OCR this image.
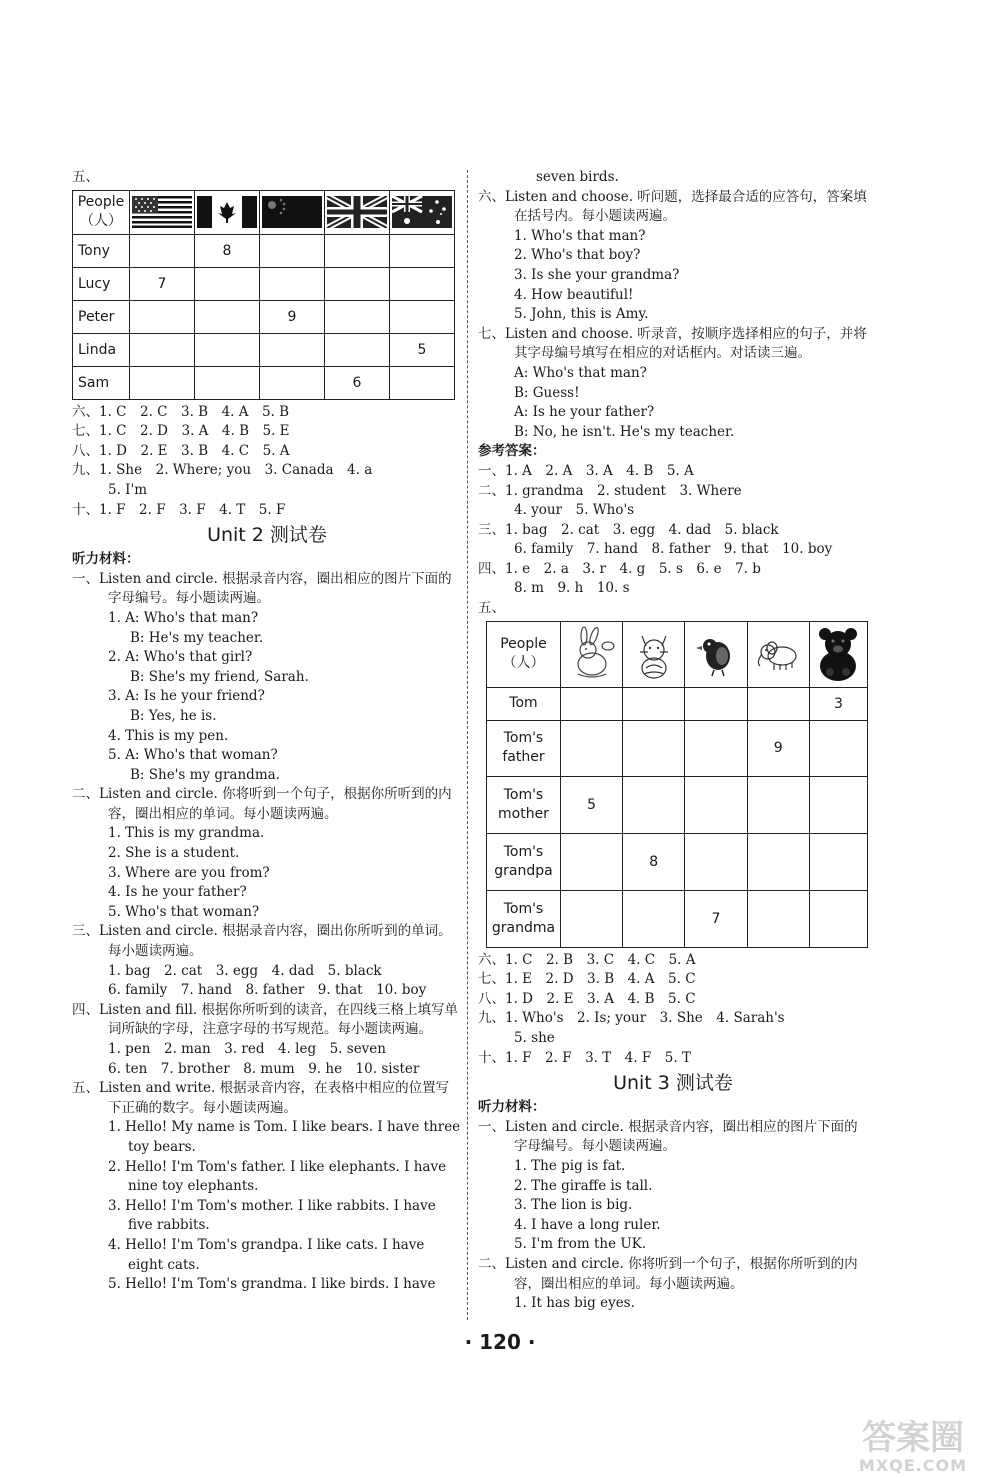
五、
People
（人）	

Tony		8			
Lucy	7				
Peter			9		
Linda					5
Sam				6	
六、1. C　2. C　3. B　4. A　5. B
七、1. C　2. D　3. A　4. B　5. E
八、1. D　2. E　3. B　4. C　5. A
九、1. She　2. Where; you　3. Canada　4. a
5. I'm
十、1. F　2. F　3. F　4. T　5. F
Unit 2 测试卷
听力材料：
一、Listen and circle. 根据录音内容，圈出相应的图片下面的字母编号。每小题读两遍。
1. A: Who's that man?
B: He's my teacher.
2. A: Who's that girl?
B: She's my friend, Sarah.
3. A: Is he your friend?
B: Yes, he is.
4. This is my pen.
5. A: Who's that woman?
B: She's my grandma.
二、Listen and circle. 你将听到一个句子，根据你所听到的内容，圈出相应的单词。每小题读两遍。
1. This is my grandma.
2. She is a student.
3. Where are you from?
4. Is he your father?
5. Who's that woman?
三、Listen and circle. 根据录音内容，圈出你所听到的单词。每小题读两遍。
1. bag　2. cat　3. egg　4. dad　5. black
6. family　7. hand　8. father　9. that　10. boy
四、Listen and fill. 根据你所听到的读音，在四线三格上填写单词所缺的字母，注意字母的书写规范。每小题读两遍。
1. pen　2. man　3. red　4. leg　5. seven
6. ten　7. brother　8. mum　9. he　10. sister
五、Listen and write. 根据录音内容，在表格中相应的位置写下正确的数字。每小题读两遍。
1. Hello! My name is Tom. I like bears. I have three toy bears.
2. Hello! I'm Tom's father. I like elephants. I have nine toy elephants.
3. Hello! I'm Tom's mother. I like rabbits. I have five rabbits.
4. Hello! I'm Tom's grandpa. I like cats. I have eight cats.
5. Hello! I'm Tom's grandma. I like birds. I have
seven birds.
六、Listen and choose. 听问题，选择最合适的应答句，答案填在括号内。每小题读两遍。
1. Who's that man?
2. Who's that boy?
3. Is she your grandma?
4. How beautiful!
5. John, this is Amy.
七、Listen and choose. 听录音，按顺序选择相应的句子，并将其字母编号填写在相应的对话框内。对话读三遍。
A: Who's that man?
B: Guess!
A: Is he your father?
B: No, he isn't. He's my teacher.
参考答案：
一、1. A　2. A　3. A　4. B　5. A
二、1. grandma　2. student　3. Where
4. your　5. Who's
三、1. bag　2. cat　3. egg　4. dad　5. black
6. family　7. hand　8. father　9. that　10. boy
四、1. e　2. a　3. r　4. g　5. s　6. e　7. b
8. m　9. h　10. s
五、
People
（人）	

Tom					3
Tom's
father				9	
Tom's
mother	5				
Tom's
grandpa		8			
Tom's
grandma			7		
六、1. C　2. B　3. C　4. C　5. A
七、1. E　2. D　3. B　4. A　5. C
八、1. D　2. E　3. A　4. B　5. C
九、1. Who's　2. Is; your　3. She　4. Sarah's
5. she
十、1. F　2. F　3. T　4. F　5. T
Unit 3 测试卷
听力材料：
一、Listen and circle. 根据录音内容，圈出相应的图片下面的字母编号。每小题读两遍。
1. The pig is fat.
2. The giraffe is tall.
3. The lion is big.
4. I have a long ruler.
5. I'm from the UK.
二、Listen and circle. 你将听到一个句子，根据你所听到的内容，圈出相应的单词。每小题读两遍。
1. It has big eyes.
· 120 ·
答案圈
MXQE.COM
